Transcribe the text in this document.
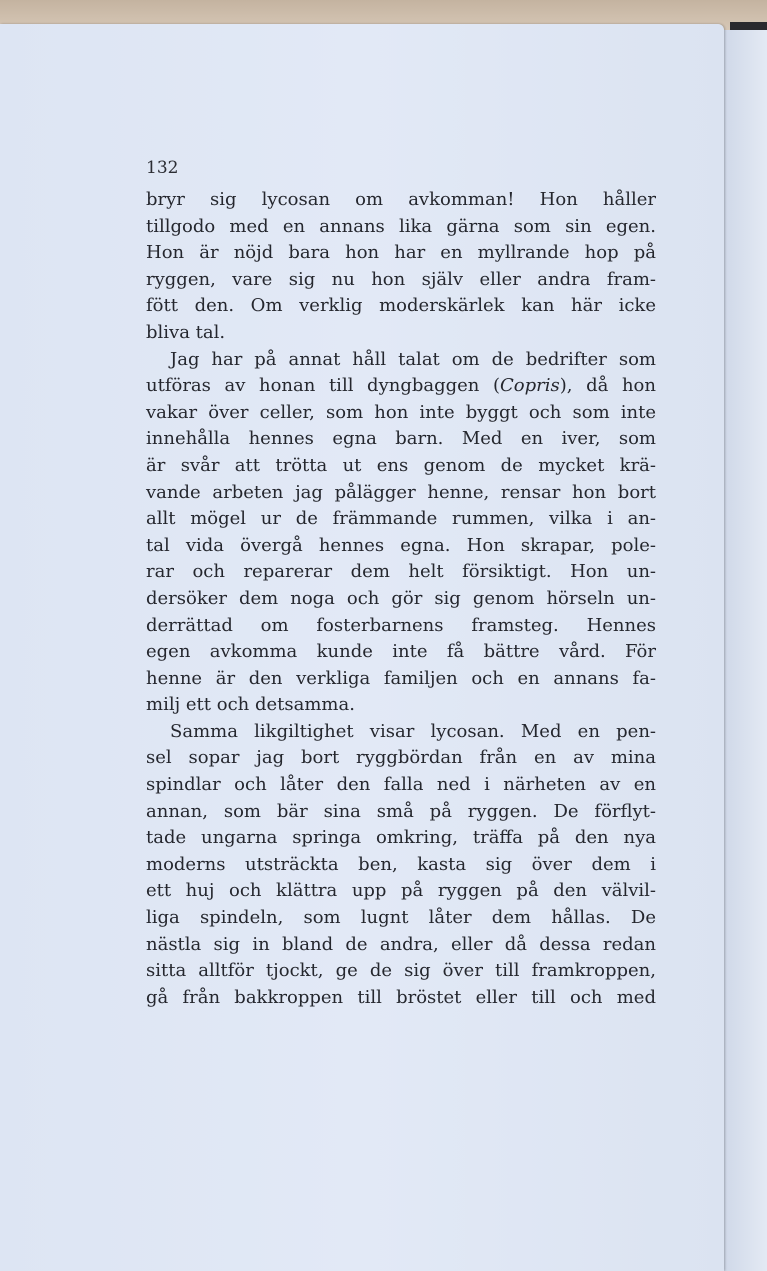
132
bryr sig lycosan om avkomman! Hon håller
tillgodo med en annans lika gärna som sin egen.
Hon är nöjd bara hon har en myllrande hop på
ryggen, vare sig nu hon själv eller andra fram-
fött den. Om verklig moderskärlek kan här icke
bliva tal.
Jag har på annat håll talat om de bedrifter som
utföras av honan till dyngbaggen (Copris), då hon
vakar över celler, som hon inte byggt och som inte
innehålla hennes egna barn. Med en iver, som
är svår att trötta ut ens genom de mycket krä-
vande arbeten jag pålägger henne, rensar hon bort
allt mögel ur de främmande rummen, vilka i an-
tal vida övergå hennes egna. Hon skrapar, pole-
rar och reparerar dem helt försiktigt. Hon un-
dersöker dem noga och gör sig genom hörseln un-
derrättad om fosterbarnens framsteg. Hennes
egen avkomma kunde inte få bättre vård. För
henne är den verkliga familjen och en annans fa-
milj ett och detsamma.
Samma likgiltighet visar lycosan. Med en pen-
sel sopar jag bort ryggbördan från en av mina
spindlar och låter den falla ned i närheten av en
annan, som bär sina små på ryggen. De förflyt-
tade ungarna springa omkring, träffa på den nya
moderns utsträckta ben, kasta sig över dem i
ett huj och klättra upp på ryggen på den välvil-
liga spindeln, som lugnt låter dem hållas. De
nästla sig in bland de andra, eller då dessa redan
sitta alltför tjockt, ge de sig över till framkroppen,
gå från bakkroppen till bröstet eller till och med
